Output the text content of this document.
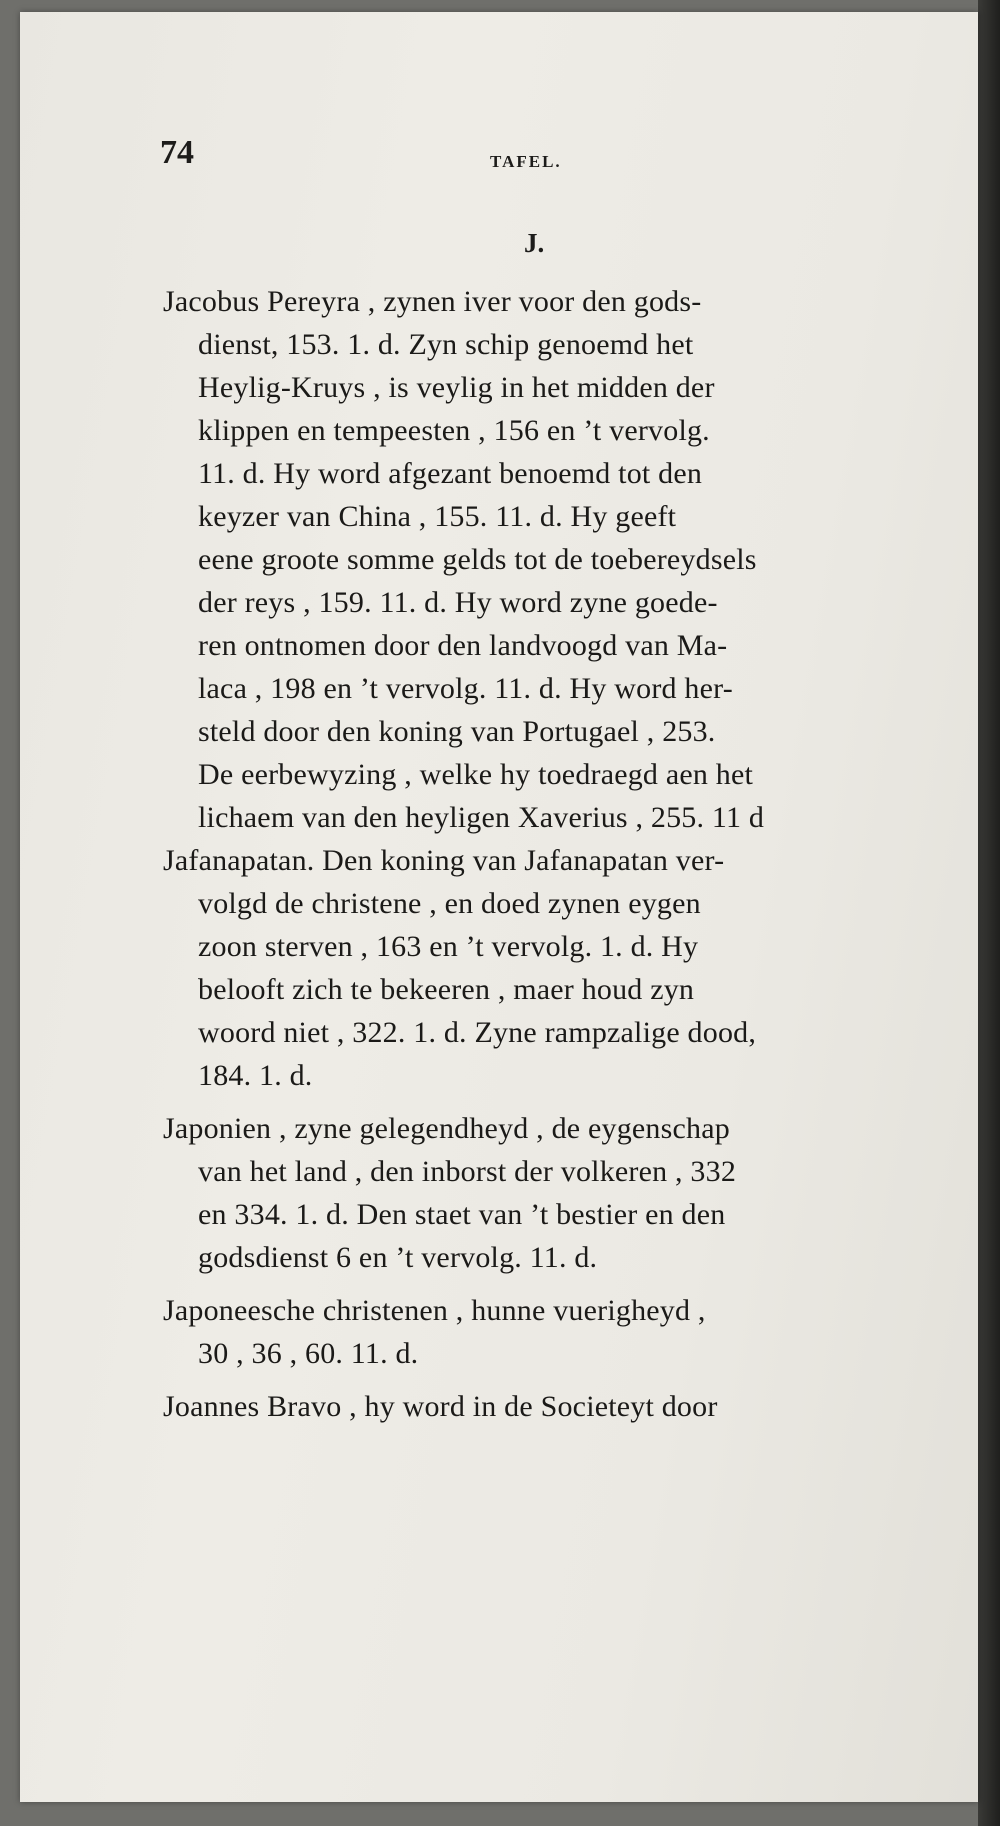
74	TAFEL.
J.
Jacobus Pereyra , zynen iver voor den gods-
dienst, 153. 1. d. Zyn schip genoemd het
Heylig-Kruys , is veylig in het midden der
klippen en tempeesten , 156 en ’t vervolg.
11. d. Hy word afgezant benoemd tot den
keyzer van China , 155. 11. d. Hy geeft
eene groote somme gelds tot de toebereydsels
der reys , 159. 11. d. Hy word zyne goede-
ren ontnomen door den landvoogd van Ma-
laca , 198 en ’t vervolg. 11. d. Hy word her-
steld door den koning van Portugael , 253.
De eerbewyzing , welke hy toedraegd aen het
lichaem van den heyligen Xaverius , 255. 11 d
Jafanapatan. Den koning van Jafanapatan ver-
volgd de christene , en doed zynen eygen
zoon sterven , 163 en ’t vervolg. 1. d. Hy
belooft zich te bekeeren , maer houd zyn
woord niet , 322. 1. d. Zyne rampzalige dood,
184. 1. d.
Japonien , zyne gelegendheyd , de eygenschap
van het land , den inborst der volkeren , 332
en 334. 1. d. Den staet van ’t bestier en den
godsdienst 6 en ’t vervolg. 11. d.
Japoneesche christenen , hunne vuerigheyd ,
30 , 36 , 60. 11. d.
Joannes Bravo , hy word in de Societeyt door
